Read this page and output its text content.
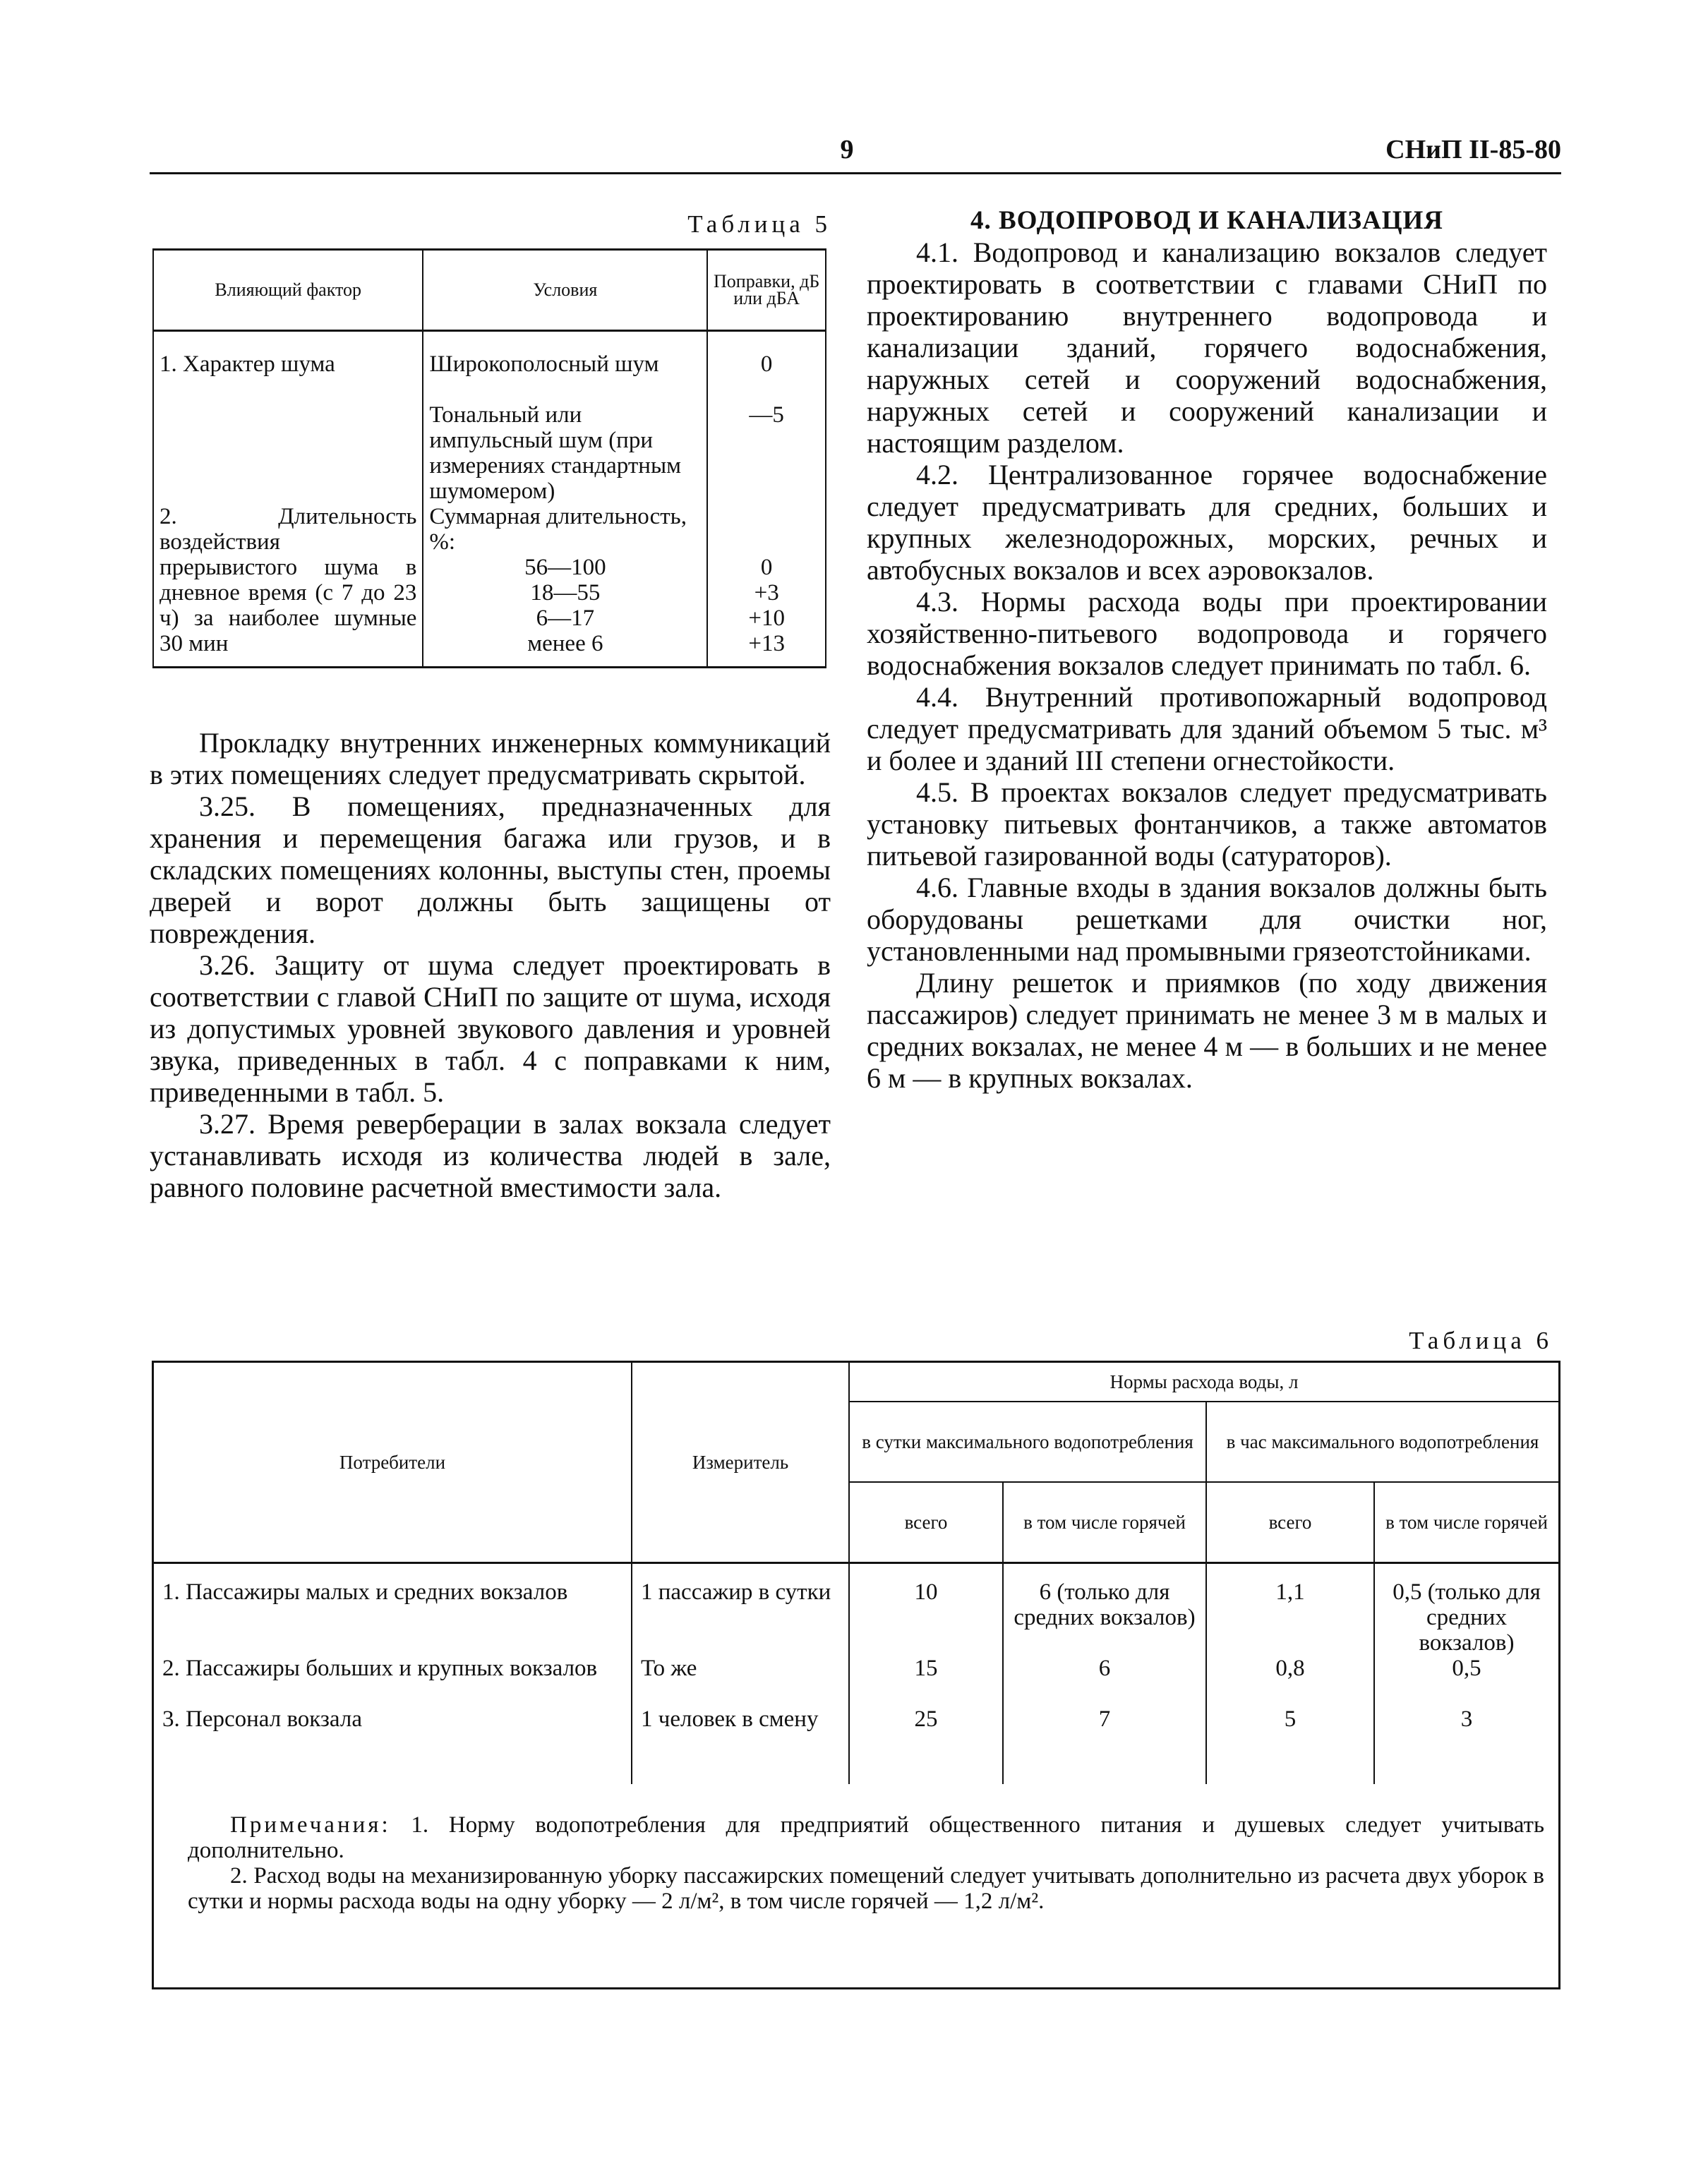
9	СНиП II-85-80
Таблица 5
Влияющий фактор	Условия	Поправки, дБ или дБА

1. Характер шума	Широкополосный шум	0
	Тональный или импульсный шум (при измерениях стандартным шумомером)	—5
2. Длительность воздействия прерывистого шума в дневное время (с 7 до 23 ч) за наиболее шумные 30 мин	Суммарная длительность, %:	
	56—100	0
	18—55	+3
	6—17	+10
	менее 6	+13

Прокладку внутренних инженерных коммуникаций в этих помещениях следует предусматривать скрытой.

3.25. В помещениях, предназначенных для хранения и перемещения багажа или грузов, и в складских помещениях колонны, выступы стен, проемы дверей и ворот должны быть защищены от повреждения.

3.26. Защиту от шума следует проектировать в соответствии с главой СНиП по защите от шума, исходя из допустимых уровней звукового давления и уровней звука, приведенных в табл. 4 с поправками к ним, приведенными в табл. 5.

3.27. Время реверберации в залах вокзала следует устанавливать исходя из количества людей в зале, равного половине расчетной вместимости зала.

4. ВОДОПРОВОД И КАНАЛИЗАЦИЯ

4.1. Водопровод и канализацию вокзалов следует проектировать в соответствии с главами СНиП по проектированию внутреннего водопровода и канализации зданий, горячего водоснабжения, наружных сетей и сооружений водоснабжения, наружных сетей и сооружений канализации и настоящим разделом.

4.2. Централизованное горячее водоснабжение следует предусматривать для средних, больших и крупных железнодорожных, морских, речных и автобусных вокзалов и всех аэровокзалов.

4.3. Нормы расхода воды при проектировании хозяйственно-питьевого водопровода и горячего водоснабжения вокзалов следует принимать по табл. 6.

4.4. Внутренний противопожарный водопровод следует предусматривать для зданий объемом 5 тыс. м³ и более и зданий III степени огнестойкости.

4.5. В проектах вокзалов следует предусматривать установку питьевых фонтанчиков, а также автоматов питьевой газированной воды (сатураторов).

4.6. Главные входы в здания вокзалов должны быть оборудованы решетками для очистки ног, установленными над промывными грязеотстойниками.

Длину решеток и приямков (по ходу движения пассажиров) следует принимать не менее 3 м в малых и средних вокзалах, не менее 4 м — в больших и не менее 6 м — в крупных вокзалах.

Таблица 6
Потребители	Измеритель	Нормы расхода воды, л			
		в сутки максимального водопотребления		в час максимального водопотребления	
		всего	в том числе горячей	всего	в том числе горячей

1. Пассажиры малых и средних вокзалов	1 пассажир в сутки	10	6 (только для средних вокзалов)	1,1	0,5 (только для средних вокзалов)
2. Пассажиры больших и крупных вокзалов	То же	15	6	0,8	0,5
3. Персонал вокзала	1 человек в смену	25	7	5	3

Примечания: 1. Норму водопотребления для предприятий общественного питания и душевых следует учитывать дополнительно.

2. Расход воды на механизированную уборку пассажирских помещений следует учитывать дополнительно из расчета двух уборок в сутки и нормы расхода воды на одну уборку — 2 л/м², в том числе горячей — 1,2 л/м².
